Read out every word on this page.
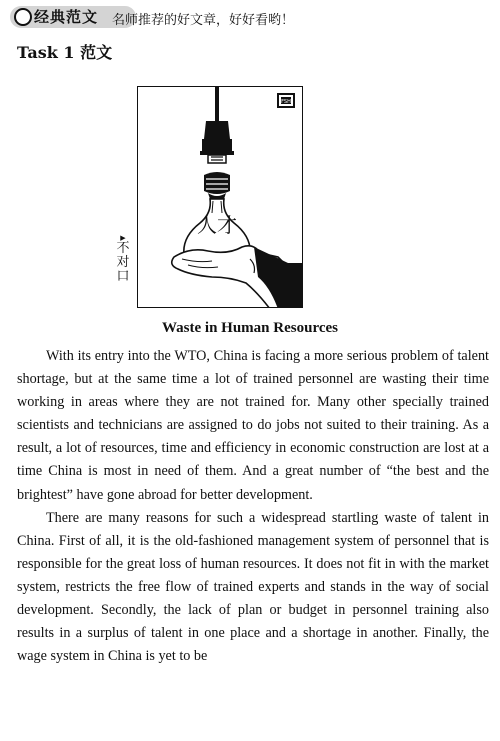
经典范文 名师推荐的好文章，好好看哟！
Task 1 范文
FSH
人才
▶
不对口
Waste in Human Resources

With its entry into the WTO, China is facing a more serious problem of talent shortage, but at the same time a lot of trained personnel are wasting their time working in areas where they are not trained for. Many other specially trained scientists and technicians are assigned to do jobs not suited to their training. As a result, a lot of resources, time and efficiency in economic construction are lost at a time China is most in need of them. And a great number of “the best and the brightest” have gone abroad for better development.

There are many reasons for such a widespread startling waste of talent in China. First of all, it is the old-fashioned management system of personnel that is responsible for the great loss of human resources. It does not fit in with the market system, restricts the free flow of trained experts and stands in the way of social development. Secondly, the lack of plan or budget in personnel training also results in a surplus of talent in one place and a shortage in another. Finally, the wage system in China is yet to be
